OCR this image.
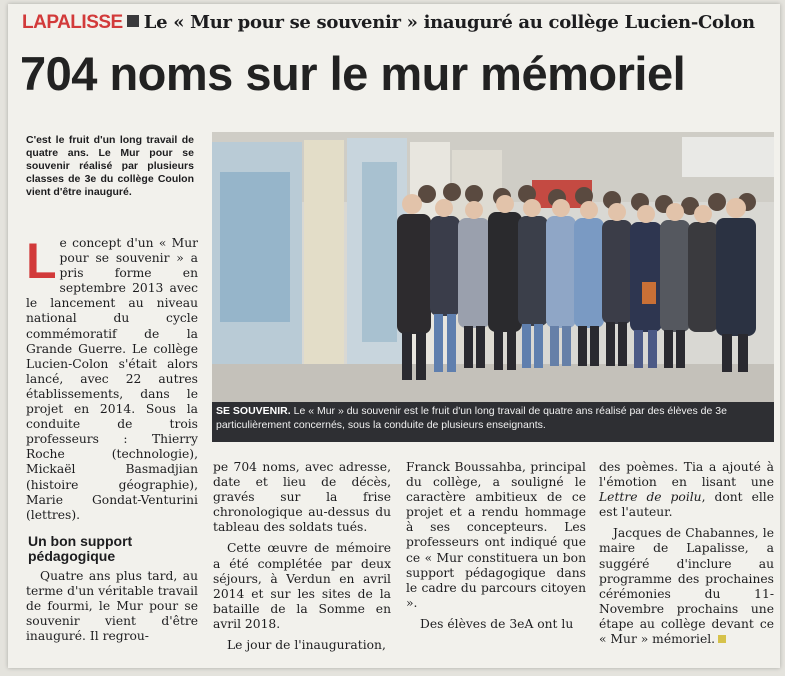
LAPALISSE Le « Mur pour se souvenir » inauguré au collège Lucien-Colon
704 noms sur le mur mémoriel
C'est le fruit d'un long travail de quatre ans. Le Mur pour se souvenir réalisé par plusieurs classes de 3e du collège Coulon vient d'être inauguré.
SE SOUVENIR. Le « Mur » du souvenir est le fruit d'un long travail de quatre ans réalisé par des élèves de 3e particulièrement concernés, sous la conduite de plusieurs enseignants.
L e concept d'un « Mur pour se souvenir » a pris forme en septembre 2013 avec le lancement au niveau national du cycle commémoratif de la Grande Guerre. Le collège Lucien-Colon s'était alors lancé, avec 22 autres établissements, dans le projet en 2014. Sous la conduite de trois professeurs : Thierry Roche (technologie), Mickaël Basmadjian (histoire géographie), Marie Gondat-Venturini (lettres).

Un bon support pédagogique

Quatre ans plus tard, au terme d'un véritable travail de fourmi, le Mur pour se souvenir vient d'être inauguré. Il regrou-

pe 704 noms, avec adresse, date et lieu de décès, gravés sur la frise chronologique au-dessus du tableau des soldats tués.

Cette œuvre de mémoire a été complétée par deux séjours, à Verdun en avril 2014 et sur les sites de la bataille de la Somme en avril 2018.

Le jour de l'inauguration,

Franck Boussahba, principal du collège, a souligné le caractère ambitieux de ce projet et a rendu hommage à ses concepteurs. Les professeurs ont indiqué que ce « Mur constituera un bon support pédagogique dans le cadre du parcours citoyen ».

Des élèves de 3eA ont lu

des poèmes. Tia a ajouté à l'émotion en lisant une Lettre de poilu, dont elle est l'auteur.

Jacques de Chabannes, le maire de Lapalisse, a suggéré d'inclure au programme des prochaines cérémonies du 11-Novembre prochains une étape au collège devant ce « Mur » mémoriel.
